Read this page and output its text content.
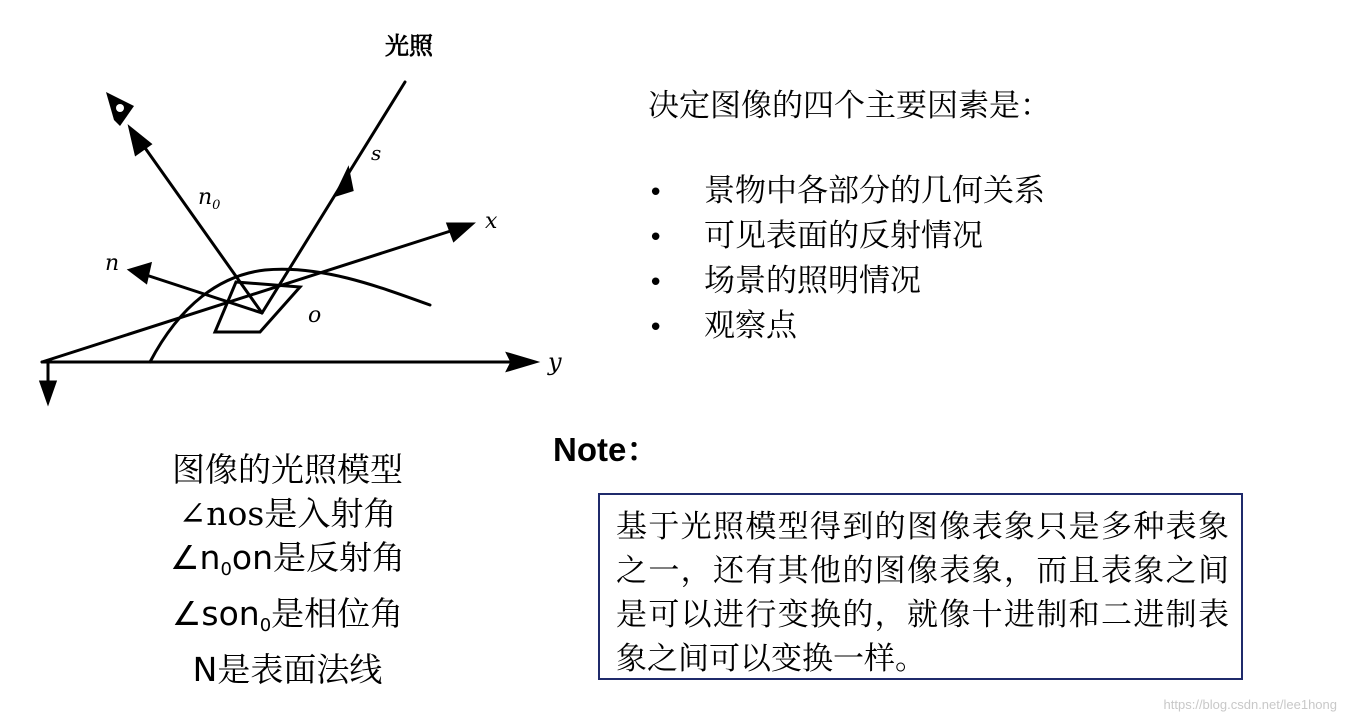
光照
s
$n_0$
x
n
o
y
图像的光照模型
∠nos是入射角
$\angle n_0on$是反射角
∠son$_0$是相位角
N是表面法线
决定图像的四个主要因素是：
• 景物中各部分的几何关系
• 可见表面的反射情况
• 场景的照明情况
• 观察点
Note：
基于光照模型得到的图像表象只是多种表象之一，还有其他的图像表象，而且表象之间是可以进行变换的，就像十进制和二进制表象之间可以变换一样。
https://blog.csdn.net/lee1hong
